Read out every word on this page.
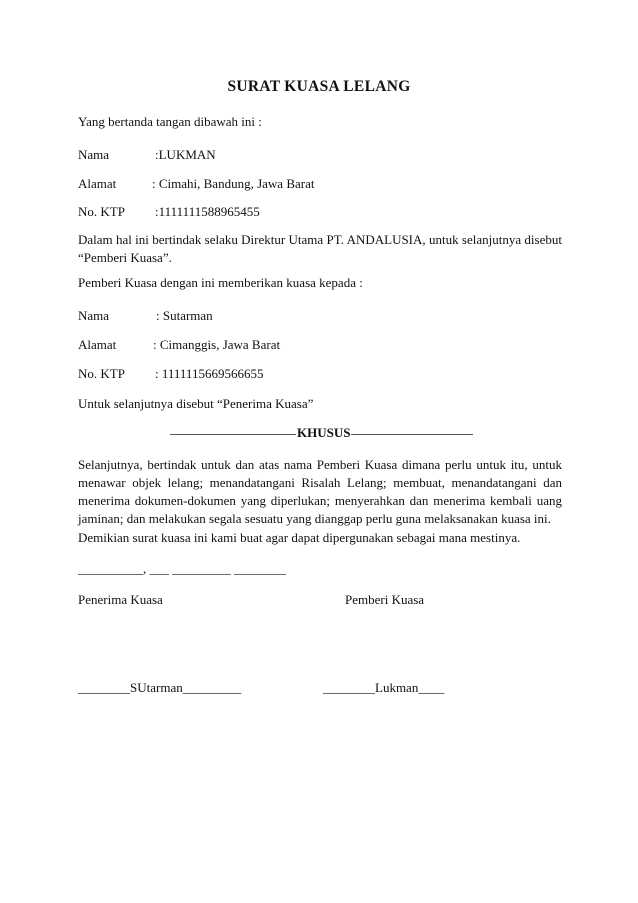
SURAT KUASA LELANG
Yang bertanda tangan dibawah ini :
Nama	:LUKMAN
Alamat	: Cimahi, Bandung, Jawa Barat
No. KTP :1111111588965455
Dalam hal ini bertindak selaku Direktur Utama PT. ANDALUSIA, untuk selanjutnya disebut “Pemberi Kuasa”.
Pemberi Kuasa dengan ini memberikan kuasa kepada :
Nama	: Sutarman
Alamat	: Cimanggis, Jawa Barat
No. KTP : 1111115669566655
Untuk selanjutnya disebut “Penerima Kuasa”
KHUSUS
Selanjutnya, bertindak untuk dan atas nama Pemberi Kuasa dimana perlu untuk itu, untuk menawar objek lelang; menandatangani Risalah Lelang; membuat, menandatangani dan menerima dokumen-dokumen yang diperlukan; menyerahkan dan menerima kembali uang jaminan; dan melakukan segala sesuatu yang dianggap perlu guna melaksanakan kuasa ini.
Demikian surat kuasa ini kami buat agar dapat dipergunakan sebagai mana mestinya.
__________, ___ _________ ________
Penerima Kuasa	Pemberi Kuasa
________SUtarman_________	________Lukman____
